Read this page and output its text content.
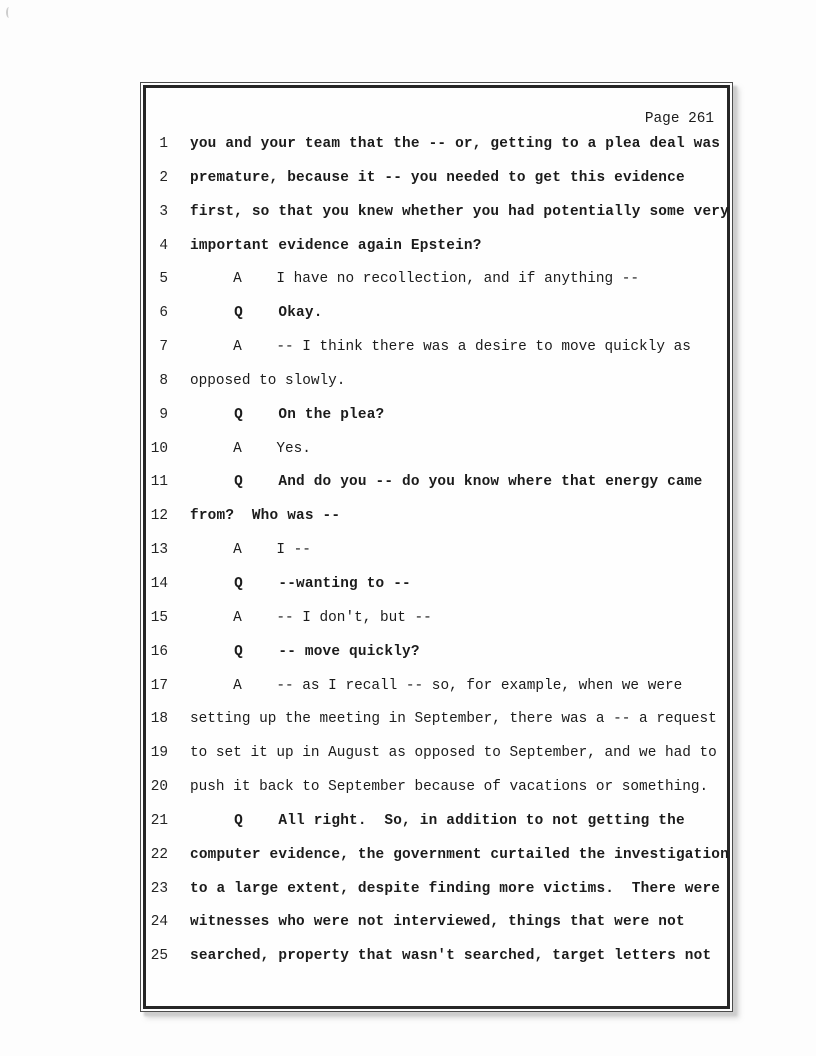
Page 261
1 you and your team that the -- or, getting to a plea deal was
2 premature, because it -- you needed to get this evidence
3 first, so that you knew whether you had potentially some very
4 important evidence again Epstein?
5 A    I have no recollection, and if anything --
6 Q    Okay.
7 A    -- I think there was a desire to move quickly as
8 opposed to slowly.
9 Q    On the plea?
10 A    Yes.
11 Q    And do you -- do you know where that energy came
12 from?  Who was --
13 A    I --
14 Q    --wanting to --
15 A    -- I don't, but --
16 Q    -- move quickly?
17 A    -- as I recall -- so, for example, when we were
18 setting up the meeting in September, there was a -- a request
19 to set it up in August as opposed to September, and we had to
20 push it back to September because of vacations or something.
21 Q    All right.  So, in addition to not getting the
22 computer evidence, the government curtailed the investigation
23 to a large extent, despite finding more victims.  There were
24 witnesses who were not interviewed, things that were not
25 searched, property that wasn't searched, target letters not
